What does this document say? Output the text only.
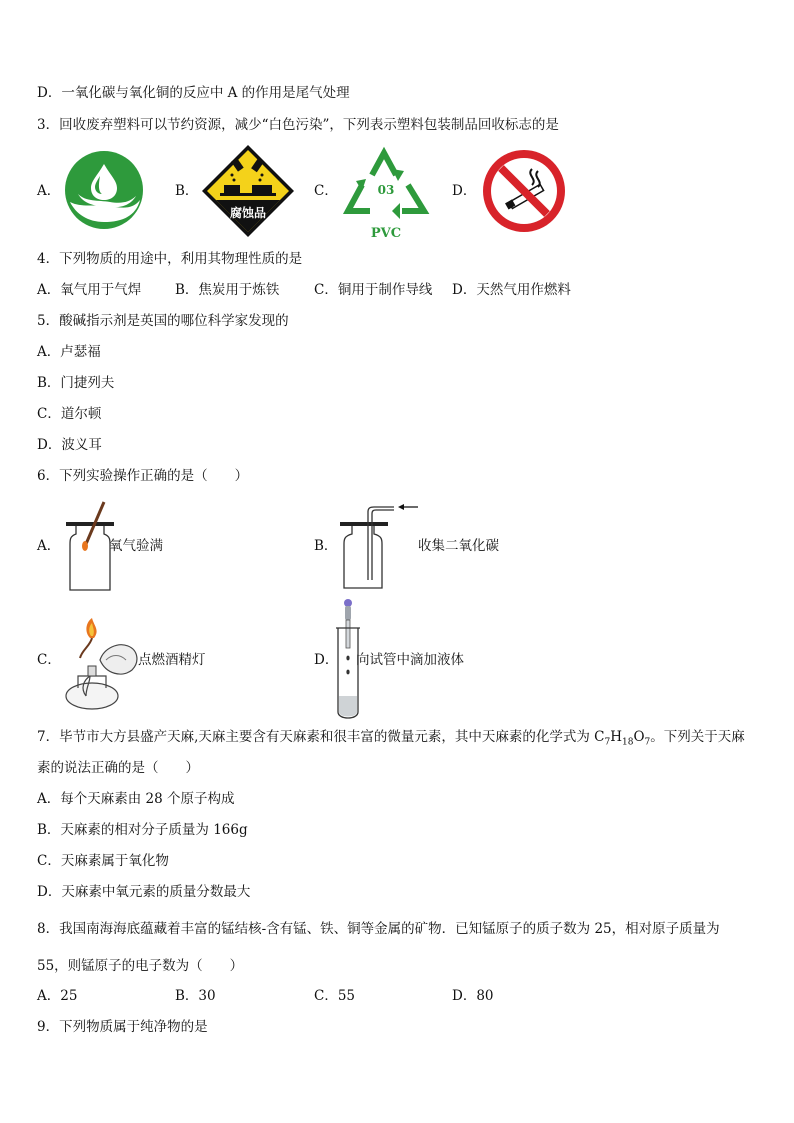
D．一氧化碳与氧化铜的反应中 A 的作用是尾气处理
3．回收废弃塑料可以节约资源，减少“白色污染”，下列表示塑料包装制品回收标志的是
A．	B．
腐蚀品
C．	03
PVC
D．
4．下列物质的用途中，利用其物理性质的是
A．氧气用于气焊	B．焦炭用于炼铁	C．铜用于制作导线 D．天然气用作燃料
5．酸碱指示剂是英国的哪位科学家发现的
A．卢瑟福
B．门捷列夫
C．道尔顿
D．波义耳
6．下列实验操作正确的是（　　）
A．	氧气验满	B．	收集二氧化碳
C．	点燃酒精灯	D． 向试管中滴加液体
7．毕节市大方县盛产天麻,天麻主要含有天麻素和很丰富的微量元素，其中天麻素的化学式为 $C_7H_{18}O_7$。下列关于天麻
素的说法正确的是（　　）
A．每个天麻素由 28 个原子构成
B．天麻素的相对分子质量为 166g
C．天麻素属于氧化物
D．天麻素中氧元素的质量分数最大
8．我国南海海底蕴藏着丰富的锰结核-含有锰、铁、铜等金属的矿物．已知锰原子的质子数为 25，相对原子质量为
55，则锰原子的电子数为（　　）
A．25	B．30	C．55	D．80
9．下列物质属于纯净物的是
